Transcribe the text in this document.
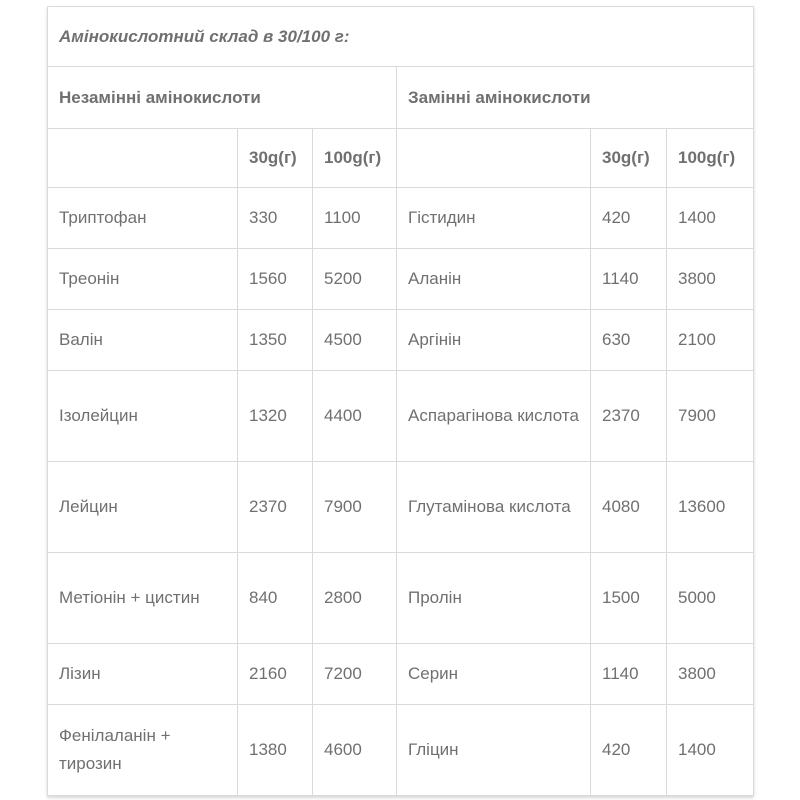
Амінокислотний склад в 30/100 г:					
Незамінні амінокислоти			Замінні амінокислоти		
	30g(г)	100g(г)		30g(г)	100g(г)
Триптофан	330	1100	Гістидин	420	1400
Треонін	1560	5200	Аланін	1140	3800
Валін	1350	4500	Аргінін	630	2100
Ізолейцин	1320	4400	Аспарагінова кислота	2370	7900
Лейцин	2370	7900	Глутамінова кислота	4080	13600
Метіонін + цистин	840	2800	Пролін	1500	5000
Лізин	2160	7200	Серин	1140	3800
Фенілаланін + тирозин	1380	4600	Гліцин	420	1400
